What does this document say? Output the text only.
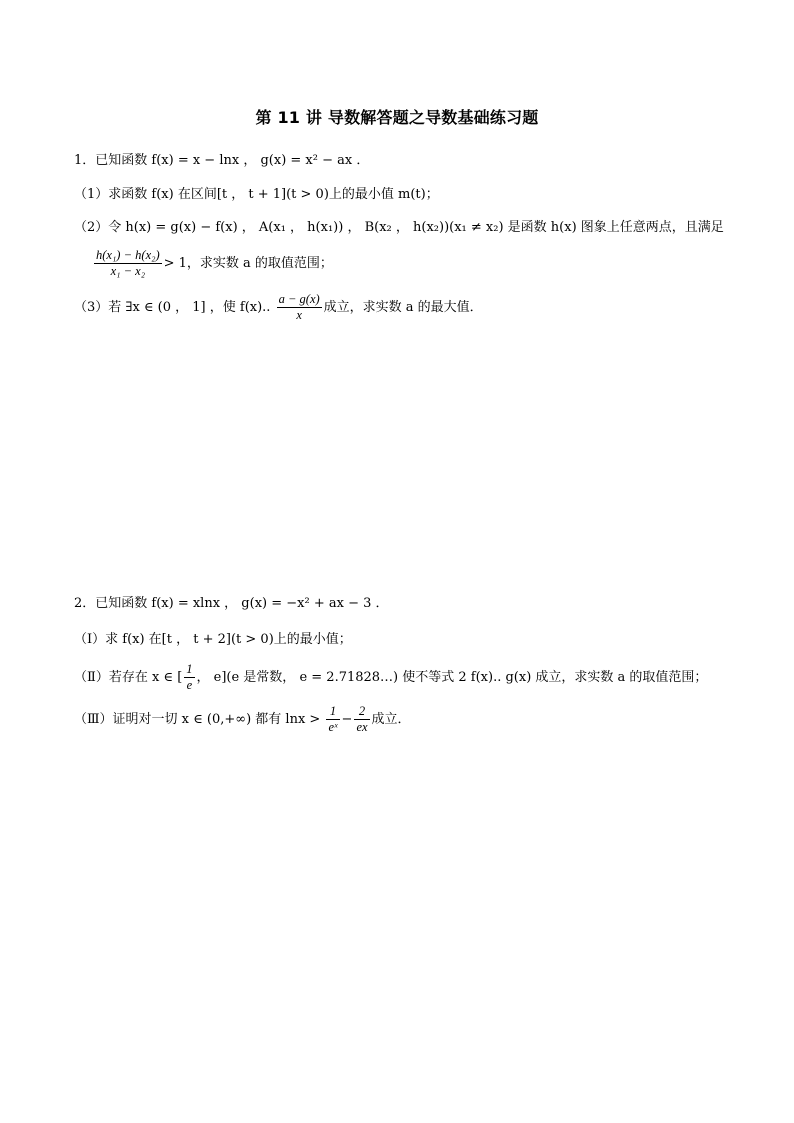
第 11 讲 导数解答题之导数基础练习题
1．已知函数 f(x) = x − lnx ， g(x) = x² − ax ．
（1）求函数 f(x) 在区间[t ， t + 1](t > 0)上的最小值 m(t)；
（2）令 h(x) = g(x) − f(x) ， A(x₁ ， h(x₁)) ， B(x₂ ， h(x₂))(x₁ ≠ x₂) 是函数 h(x) 图象上任意两点，且满足
$\frac{\text{h(x₁) − h(x₂)}}{\text{x₁ − x₂}} > 1$，求实数 a 的取值范围；
（3）若 ∃x ∈ (0 ， 1] ，使 f(x).. $\frac{a - g(x)}{x}$ 成立，求实数 a 的最大值．
2．已知函数 f(x) = xlnx ， g(x) = −x² + ax − 3 ．
（Ⅰ）求 f(x) 在[t ， t + 2](t > 0)上的最小值；
（Ⅱ）若存在 x ∈ [ $\frac{1}{e}$ ， e](e 是常数， e = 2.71828…) 使不等式 2 f(x).. g(x) 成立，求实数 a 的取值范围；
（Ⅲ）证明对一切 x ∈ (0,+∞) 都有 $\ln x > \frac{1}{\text{eˣ}} - \frac{2}{ex}$ 成立．
